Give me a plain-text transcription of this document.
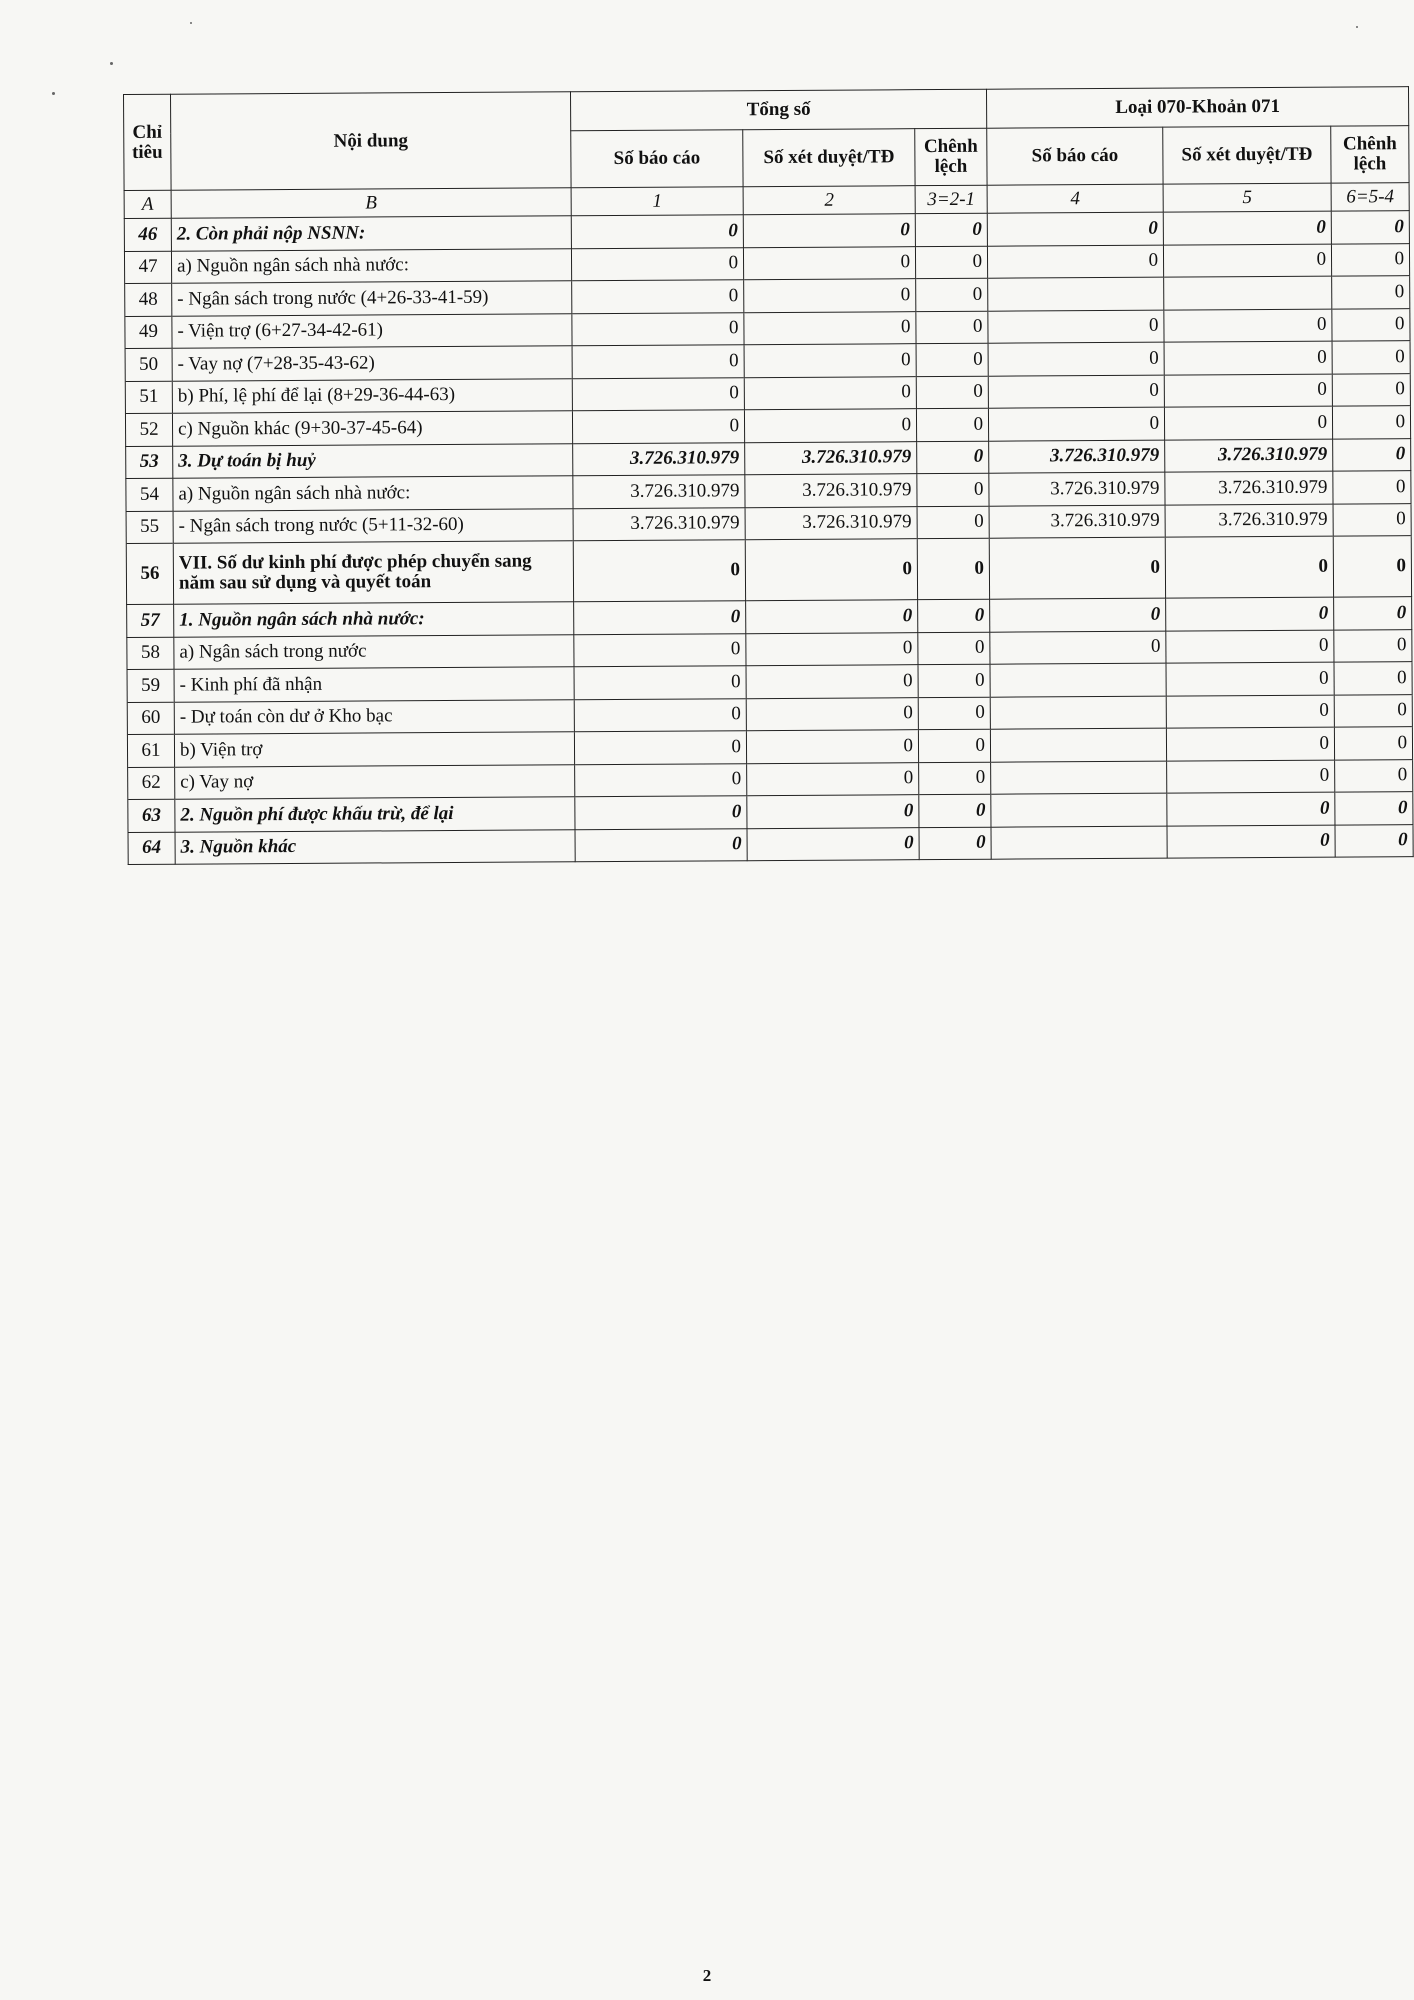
Chỉ tiêu	Nội dung	Tổng số			Loại 070-Khoản 071		
		Số báo cáo	Số xét duyệt/TĐ	Chênh lệch	Số báo cáo	Số xét duyệt/TĐ	Chênh lệch
A	B	1	2	3=2-1	4	5	6=5-4
46	2. Còn phải nộp NSNN:	0	0	0	0	0	0
47	a) Nguồn ngân sách nhà nước:	0	0	0	0	0	0
48	- Ngân sách trong nước (4+26-33-41-59)	0	0	0			0
49	- Viện trợ (6+27-34-42-61)	0	0	0	0	0	0
50	- Vay nợ (7+28-35-43-62)	0	0	0	0	0	0
51	b) Phí, lệ phí để lại (8+29-36-44-63)	0	0	0	0	0	0
52	c) Nguồn khác (9+30-37-45-64)	0	0	0	0	0	0
53	3. Dự toán bị huỷ	3.726.310.979	3.726.310.979	0	3.726.310.979	3.726.310.979	0
54	a) Nguồn ngân sách nhà nước:	3.726.310.979	3.726.310.979	0	3.726.310.979	3.726.310.979	0
55	- Ngân sách trong nước (5+11-32-60)	3.726.310.979	3.726.310.979	0	3.726.310.979	3.726.310.979	0
56	VII. Số dư kinh phí được phép chuyển sang năm sau sử dụng và quyết toán	0	0	0	0	0	0
57	1. Nguồn ngân sách nhà nước:	0	0	0	0	0	0
58	a) Ngân sách trong nước	0	0	0	0	0	0
59	- Kinh phí đã nhận	0	0	0		0	0
60	- Dự toán còn dư ở Kho bạc	0	0	0		0	0
61	b) Viện trợ	0	0	0		0	0
62	c) Vay nợ	0	0	0		0	0
63	2. Nguồn phí được khấu trừ, để lại	0	0	0		0	0
64	3. Nguồn khác	0	0	0		0	0
2
